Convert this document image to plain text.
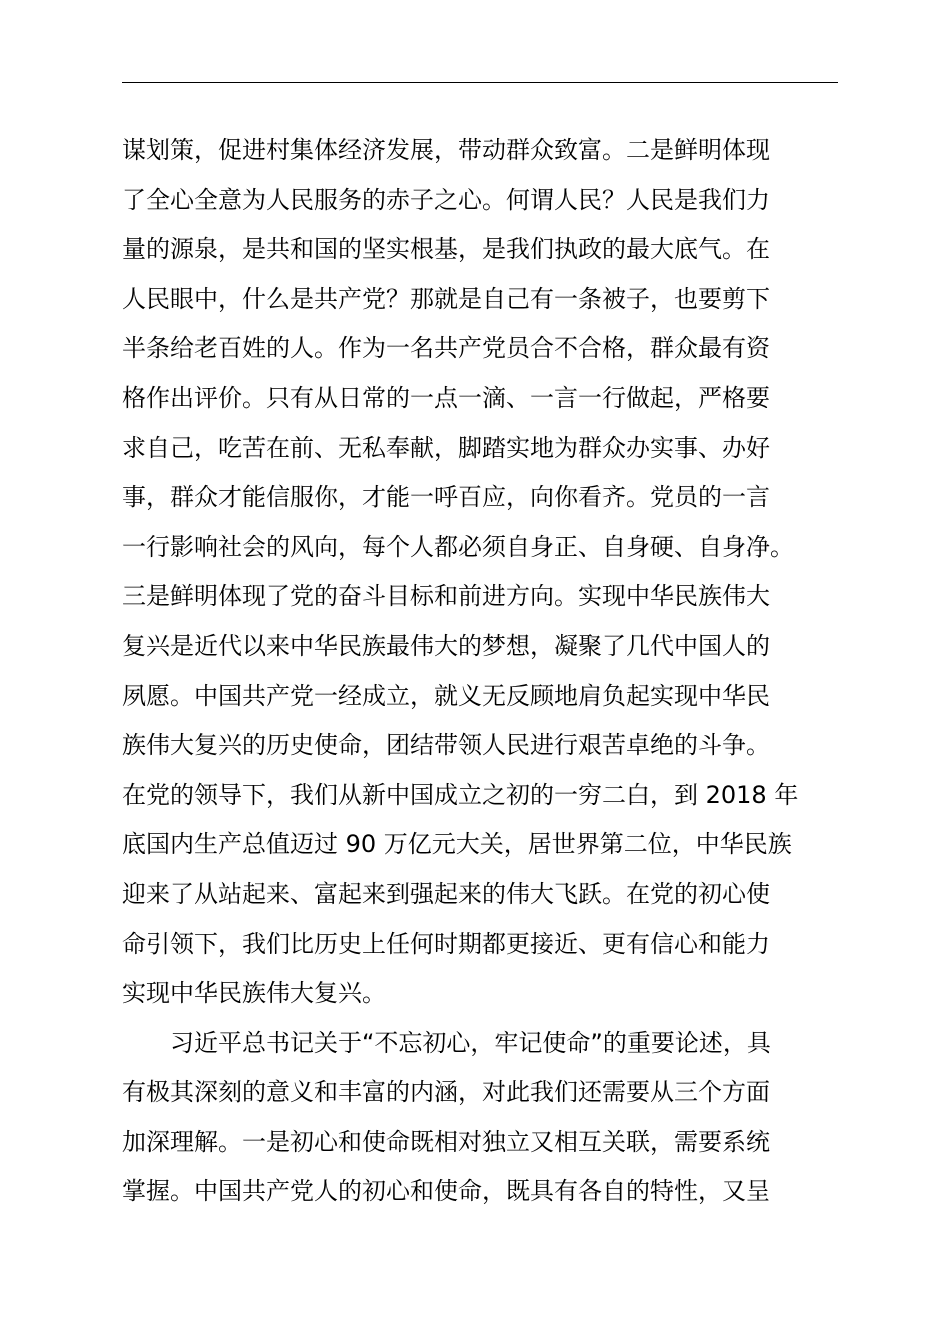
谋划策，促进村集体经济发展，带动群众致富。二是鲜明体现
了全心全意为人民服务的赤子之心。何谓人民？人民是我们力
量的源泉，是共和国的坚实根基，是我们执政的最大底气。在
人民眼中，什么是共产党？那就是自己有一条被子，也要剪下
半条给老百姓的人。作为一名共产党员合不合格，群众最有资
格作出评价。只有从日常的一点一滴、一言一行做起，严格要
求自己，吃苦在前、无私奉献，脚踏实地为群众办实事、办好
事，群众才能信服你，才能一呼百应，向你看齐。党员的一言
一行影响社会的风向，每个人都必须自身正、自身硬、自身净。
三是鲜明体现了党的奋斗目标和前进方向。实现中华民族伟大
复兴是近代以来中华民族最伟大的梦想，凝聚了几代中国人的
夙愿。中国共产党一经成立，就义无反顾地肩负起实现中华民
族伟大复兴的历史使命，团结带领人民进行艰苦卓绝的斗争。
在党的领导下，我们从新中国成立之初的一穷二白，到 2018 年
底国内生产总值迈过 90 万亿元大关，居世界第二位，中华民族
迎来了从站起来、富起来到强起来的伟大飞跃。在党的初心使
命引领下，我们比历史上任何时期都更接近、更有信心和能力
实现中华民族伟大复兴。
习近平总书记关于“不忘初心，牢记使命”的重要论述，具
有极其深刻的意义和丰富的内涵，对此我们还需要从三个方面
加深理解。一是初心和使命既相对独立又相互关联，需要系统
掌握。中国共产党人的初心和使命，既具有各自的特性，又呈
